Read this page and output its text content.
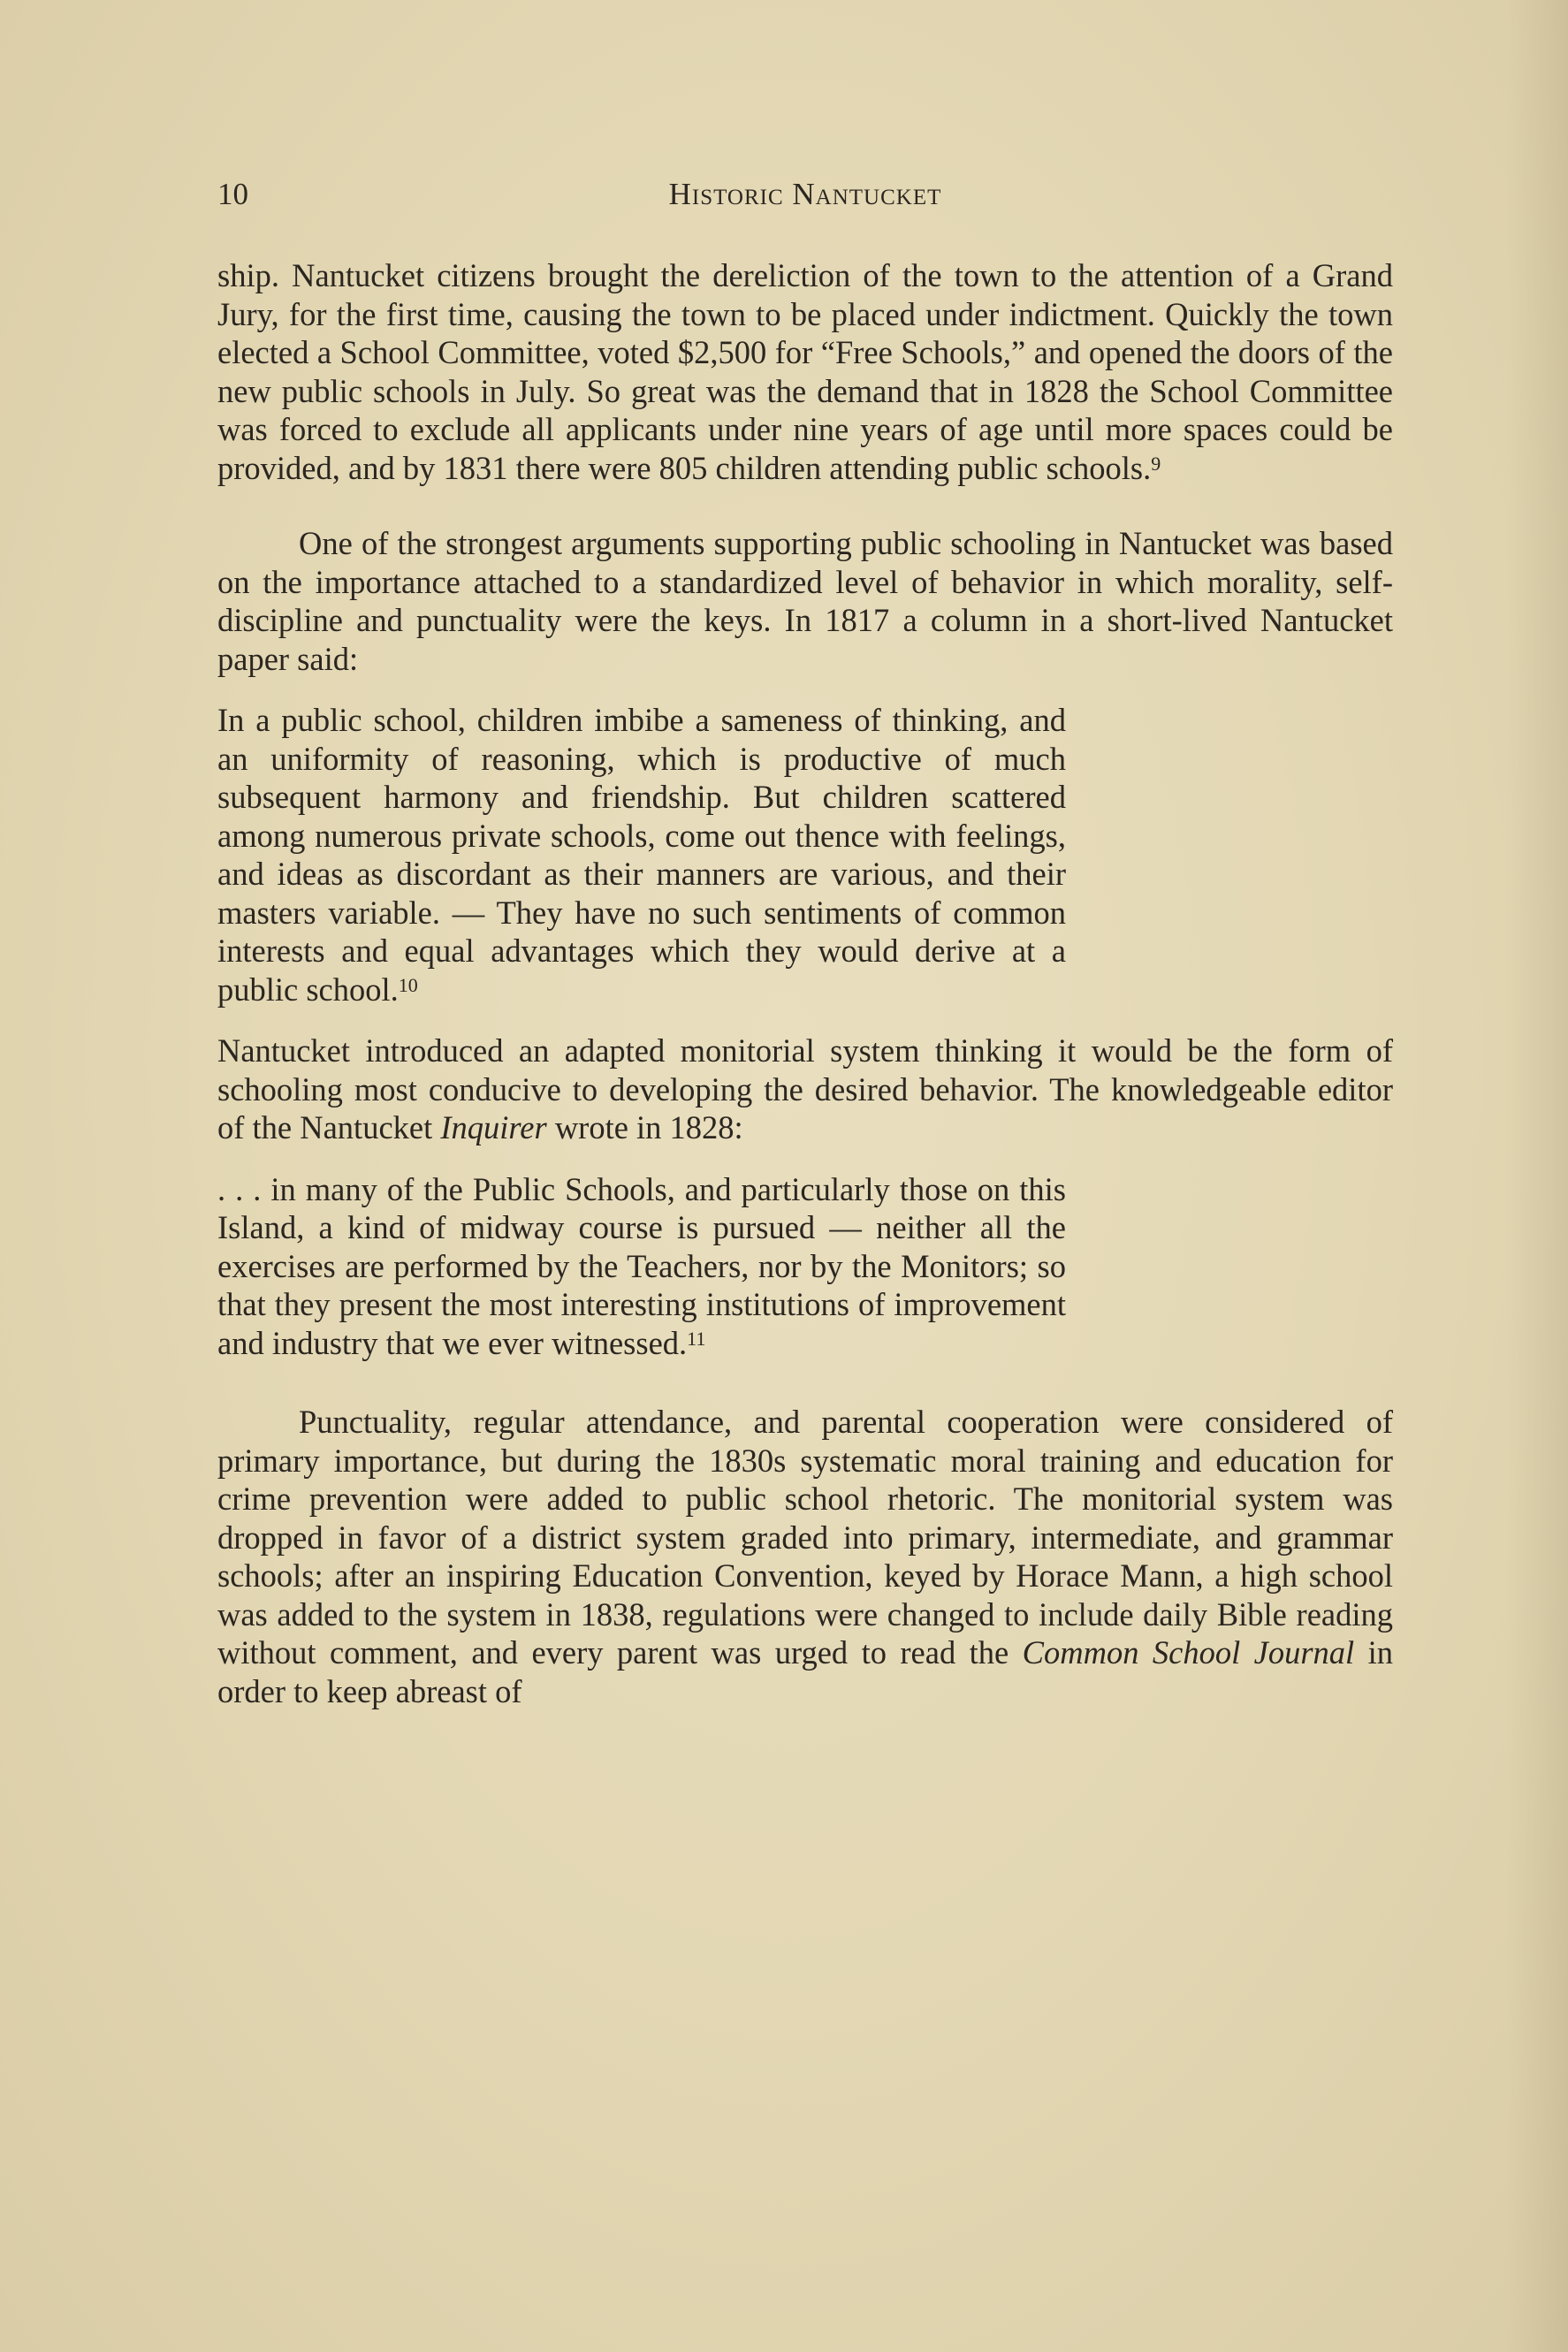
10	Historic Nantucket

ship. Nantucket citizens brought the dereliction of the town to the attention of a Grand Jury, for the first time, causing the town to be placed under indictment. Quickly the town elected a School Committee, voted $2,500 for “Free Schools,” and opened the doors of the new public schools in July. So great was the demand that in 1828 the School Committee was forced to exclude all applicants under nine years of age until more spaces could be provided, and by 1831 there were 805 children attending public schools.$^9$

One of the strongest arguments supporting public schooling in Nantucket was based on the importance attached to a standardized level of behavior in which morality, self-discipline and punctuality were the keys. In 1817 a column in a short-lived Nantucket paper said:

In a public school, children imbibe a sameness of thinking, and an uniformity of reasoning, which is productive of much subsequent harmony and friendship. But children scattered among numerous private schools, come out thence with feelings, and ideas as discordant as their manners are various, and their masters variable. — They have no such sentiments of common interests and equal advantages which they would derive at a public school.$^{10}$

Nantucket introduced an adapted monitorial system thinking it would be the form of schooling most conducive to developing the desired behavior. The knowledgeable editor of the Nantucket Inquirer wrote in 1828:

. . . in many of the Public Schools, and particularly those on this Island, a kind of midway course is pursued — neither all the exercises are performed by the Teachers, nor by the Monitors; so that they present the most interesting institutions of improvement and industry that we ever witnessed.$^{11}$

Punctuality, regular attendance, and parental cooperation were considered of primary importance, but during the 1830s systematic moral training and education for crime prevention were added to public school rhetoric. The monitorial system was dropped in favor of a district system graded into primary, intermediate, and grammar schools; after an inspiring Education Convention, keyed by Horace Mann, a high school was added to the system in 1838, regulations were changed to include daily Bible reading without comment, and every parent was urged to read the Common School Journal in order to keep abreast of
